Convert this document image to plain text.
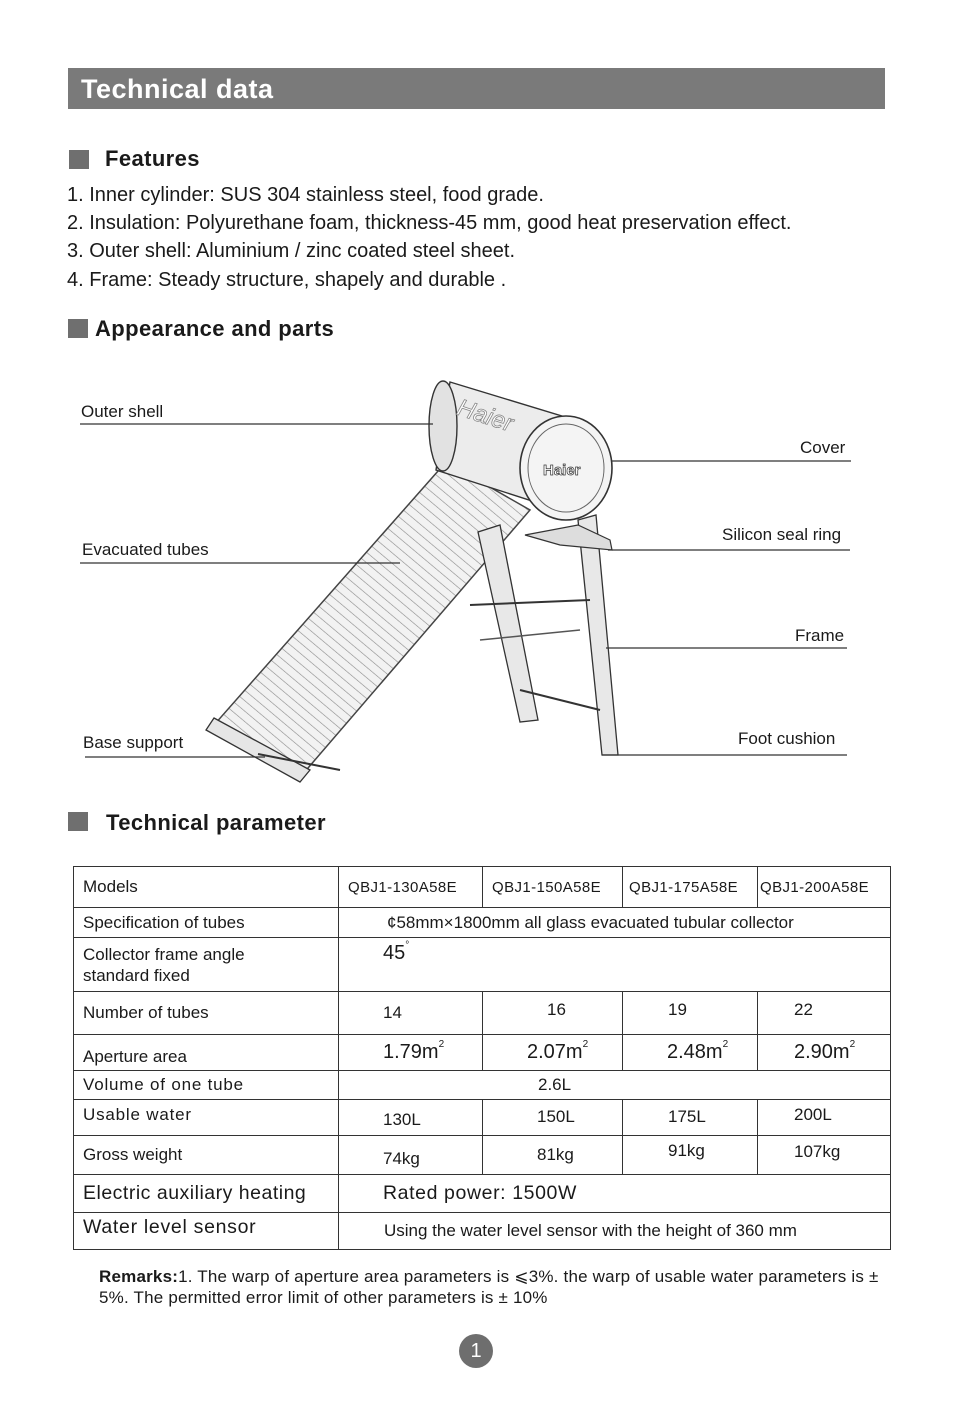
Technical data
Features
1. Inner cylinder: SUS 304 stainless steel, food grade.
2. Insulation: Polyurethane foam, thickness-45 mm, good heat preservation effect.
3. Outer shell: Aluminium / zinc coated steel sheet.
4. Frame: Steady structure, shapely and durable .
Appearance and parts
Haier
Haier
Outer shell
Evacuated tubes
Base support
Cover
Silicon seal ring
Frame
Foot cushion
Technical parameter
Models	QBJ1-130A58E	QBJ1-150A58E	QBJ1-175A58E	QBJ1-200A58E
Specification of tubes	¢58mm×1800mm all glass evacuated tubular collector			

Collector frame angle
standard fixed	45°
Number of tubes	14	16	19	22
Aperture area	$1.79m^2$	$2.07m^2$	$2.48m^2$	$2.90m^2$
Volume of one tube	2.6L			
Usable water	130L	150L	175L	200L
Gross weight	74kg	81kg	91kg	107kg
Electric auxiliary heating	Rated power: 1500W			
Water level sensor	Using the water level sensor with the height of 360 mm			
Remarks:1. The warp of aperture area parameters is ⩽3%. the warp of usable water parameters is ± 5%. The permitted error limit of other parameters is ± 10%
1
